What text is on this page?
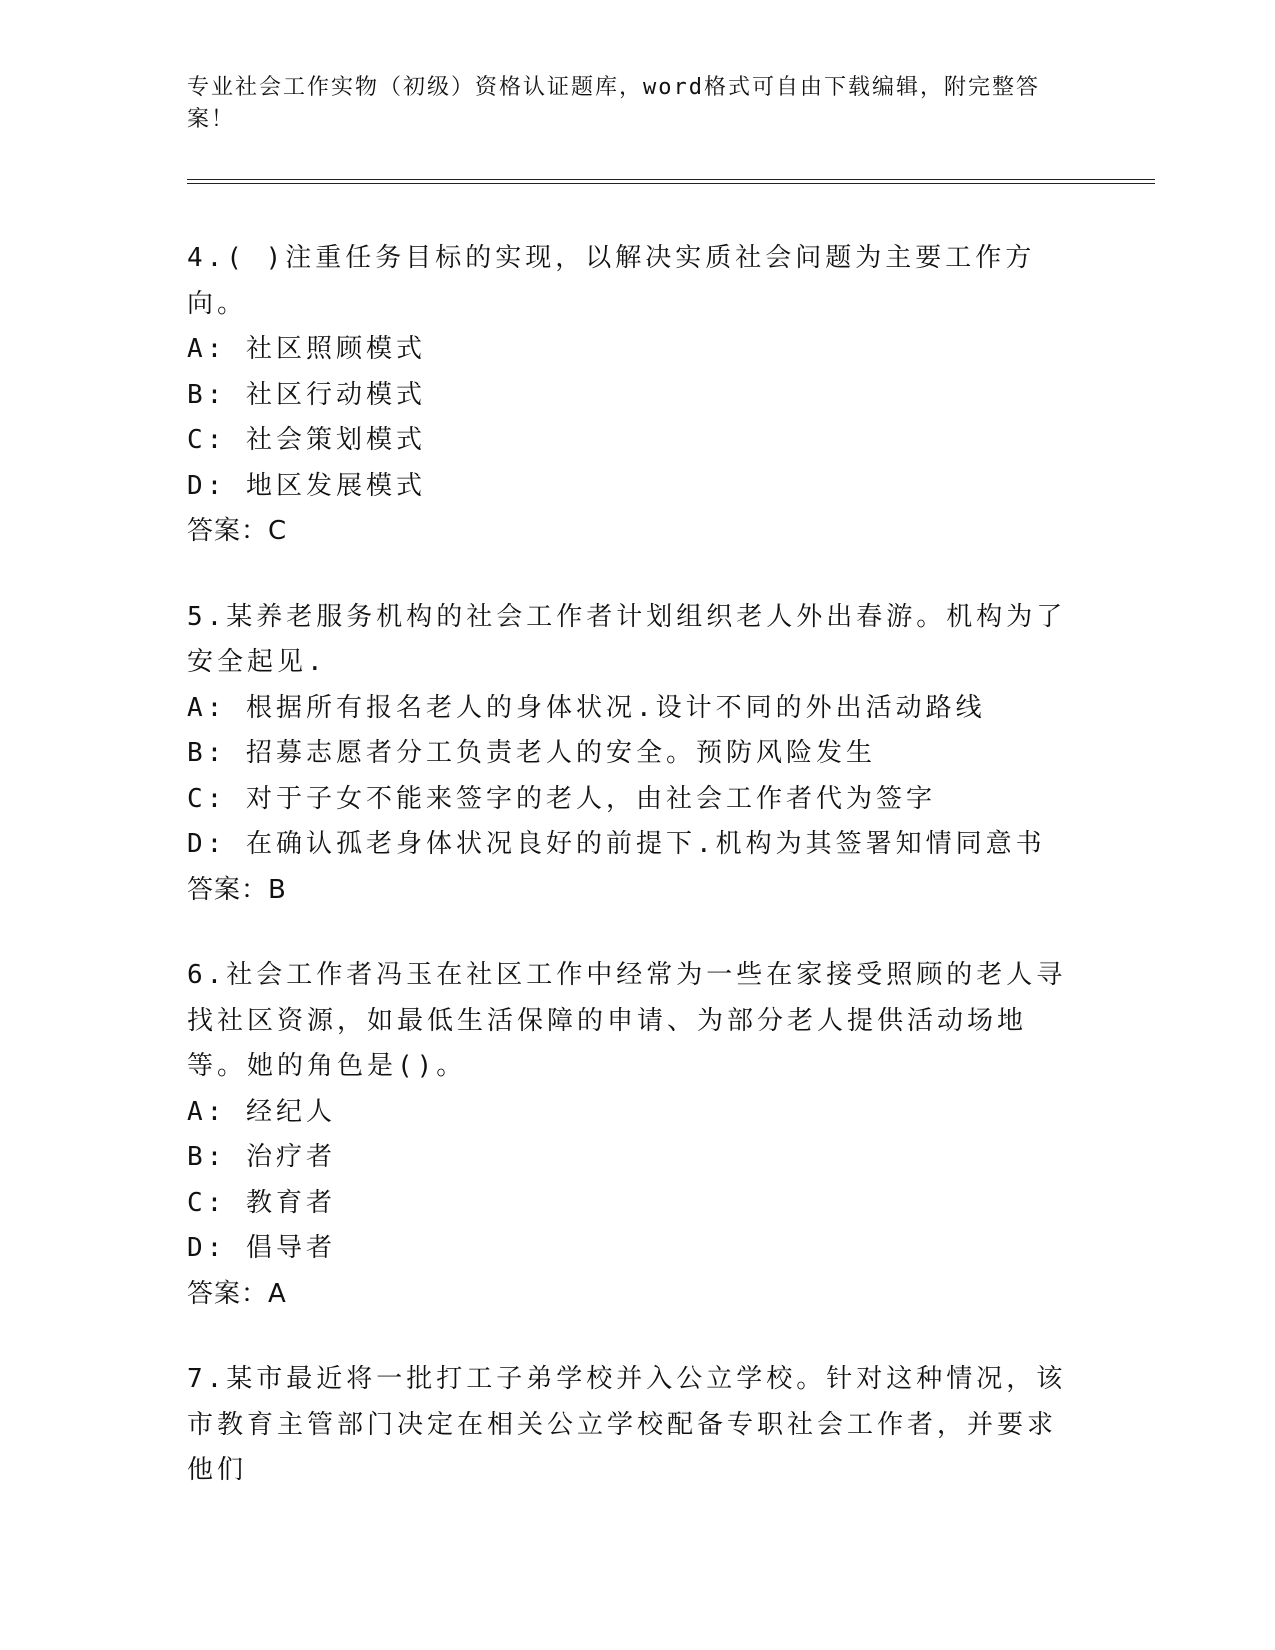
专业社会工作实物（初级）资格认证题库，word格式可自由下载编辑，附完整答案！
4.( )注重任务目标的实现，以解决实质社会问题为主要工作方向。
A: 社区照顾模式
B: 社区行动模式
C: 社会策划模式
D: 地区发展模式
答案：C
5.某养老服务机构的社会工作者计划组织老人外出春游。机构为了安全起见.
A: 根据所有报名老人的身体状况.设计不同的外出活动路线
B: 招募志愿者分工负责老人的安全。预防风险发生
C: 对于子女不能来签字的老人，由社会工作者代为签字
D: 在确认孤老身体状况良好的前提下.机构为其签署知情同意书
答案：B
6.社会工作者冯玉在社区工作中经常为一些在家接受照顾的老人寻找社区资源，如最低生活保障的申请、为部分老人提供活动场地等。她的角色是()。
A: 经纪人
B: 治疗者
C: 教育者
D: 倡导者
答案：A
7.某市最近将一批打工子弟学校并入公立学校。针对这种情况，该市教育主管部门决定在相关公立学校配备专职社会工作者，并要求他们
